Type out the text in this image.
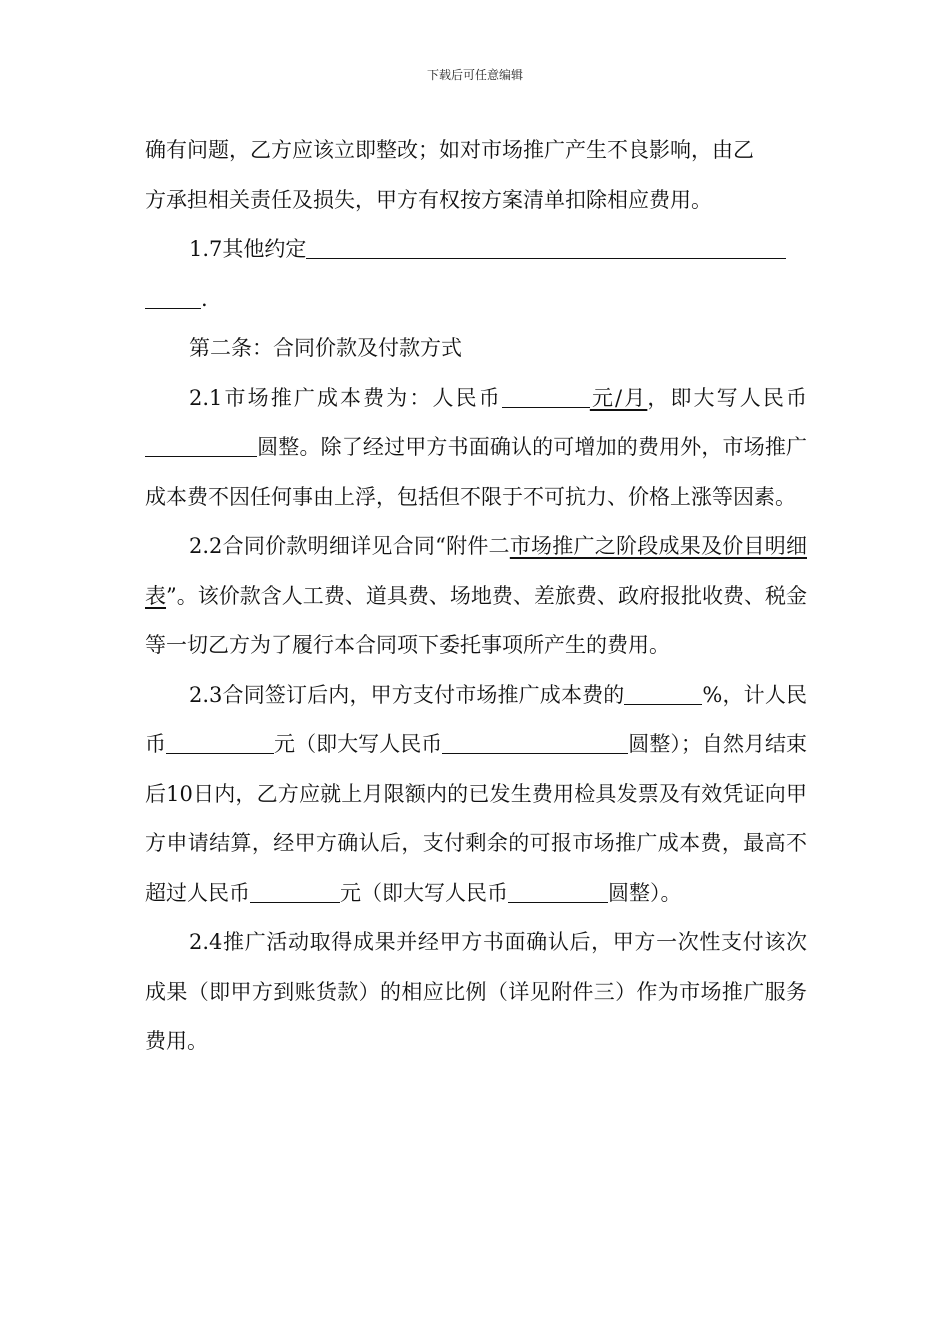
下载后可任意编辑

确有问题，乙方应该立即整改；如对市场推广产生不良影响，由乙
方承担相关责任及损失，甲方有权按方案清单扣除相应费用。

1.7其他约定
.

第二条：合同价款及付款方式

2.1市场推广成本费为：人民币	元/月，即大写人民币圆整。除了经过甲方书面确认的可增加的费用外，市场推广成本费不因任何事由上浮，包括但不限于不可抗力、价格上涨等因素。

2.2合同价款明细详见合同“附件二市场推广之阶段成果及价目明细表”。该价款含人工费、道具费、场地费、差旅费、政府报批收费、税金等一切乙方为了履行本合同项下委托事项所产生的费用。

2.3合同签订后内，甲方支付市场推广成本费的	%，计人民币	元（即大写人民币	圆整）；自然月结束后10日内，乙方应就上月限额内的已发生费用检具发票及有效凭证向甲方申请结算，经甲方确认后，支付剩余的可报市场推广成本费，最高不超过人民币	元（即大写人民币	圆整）。

2.4推广活动取得成果并经甲方书面确认后，甲方一次性支付该次成果（即甲方到账货款）的相应比例（详见附件三）作为市场推广服务费用。
